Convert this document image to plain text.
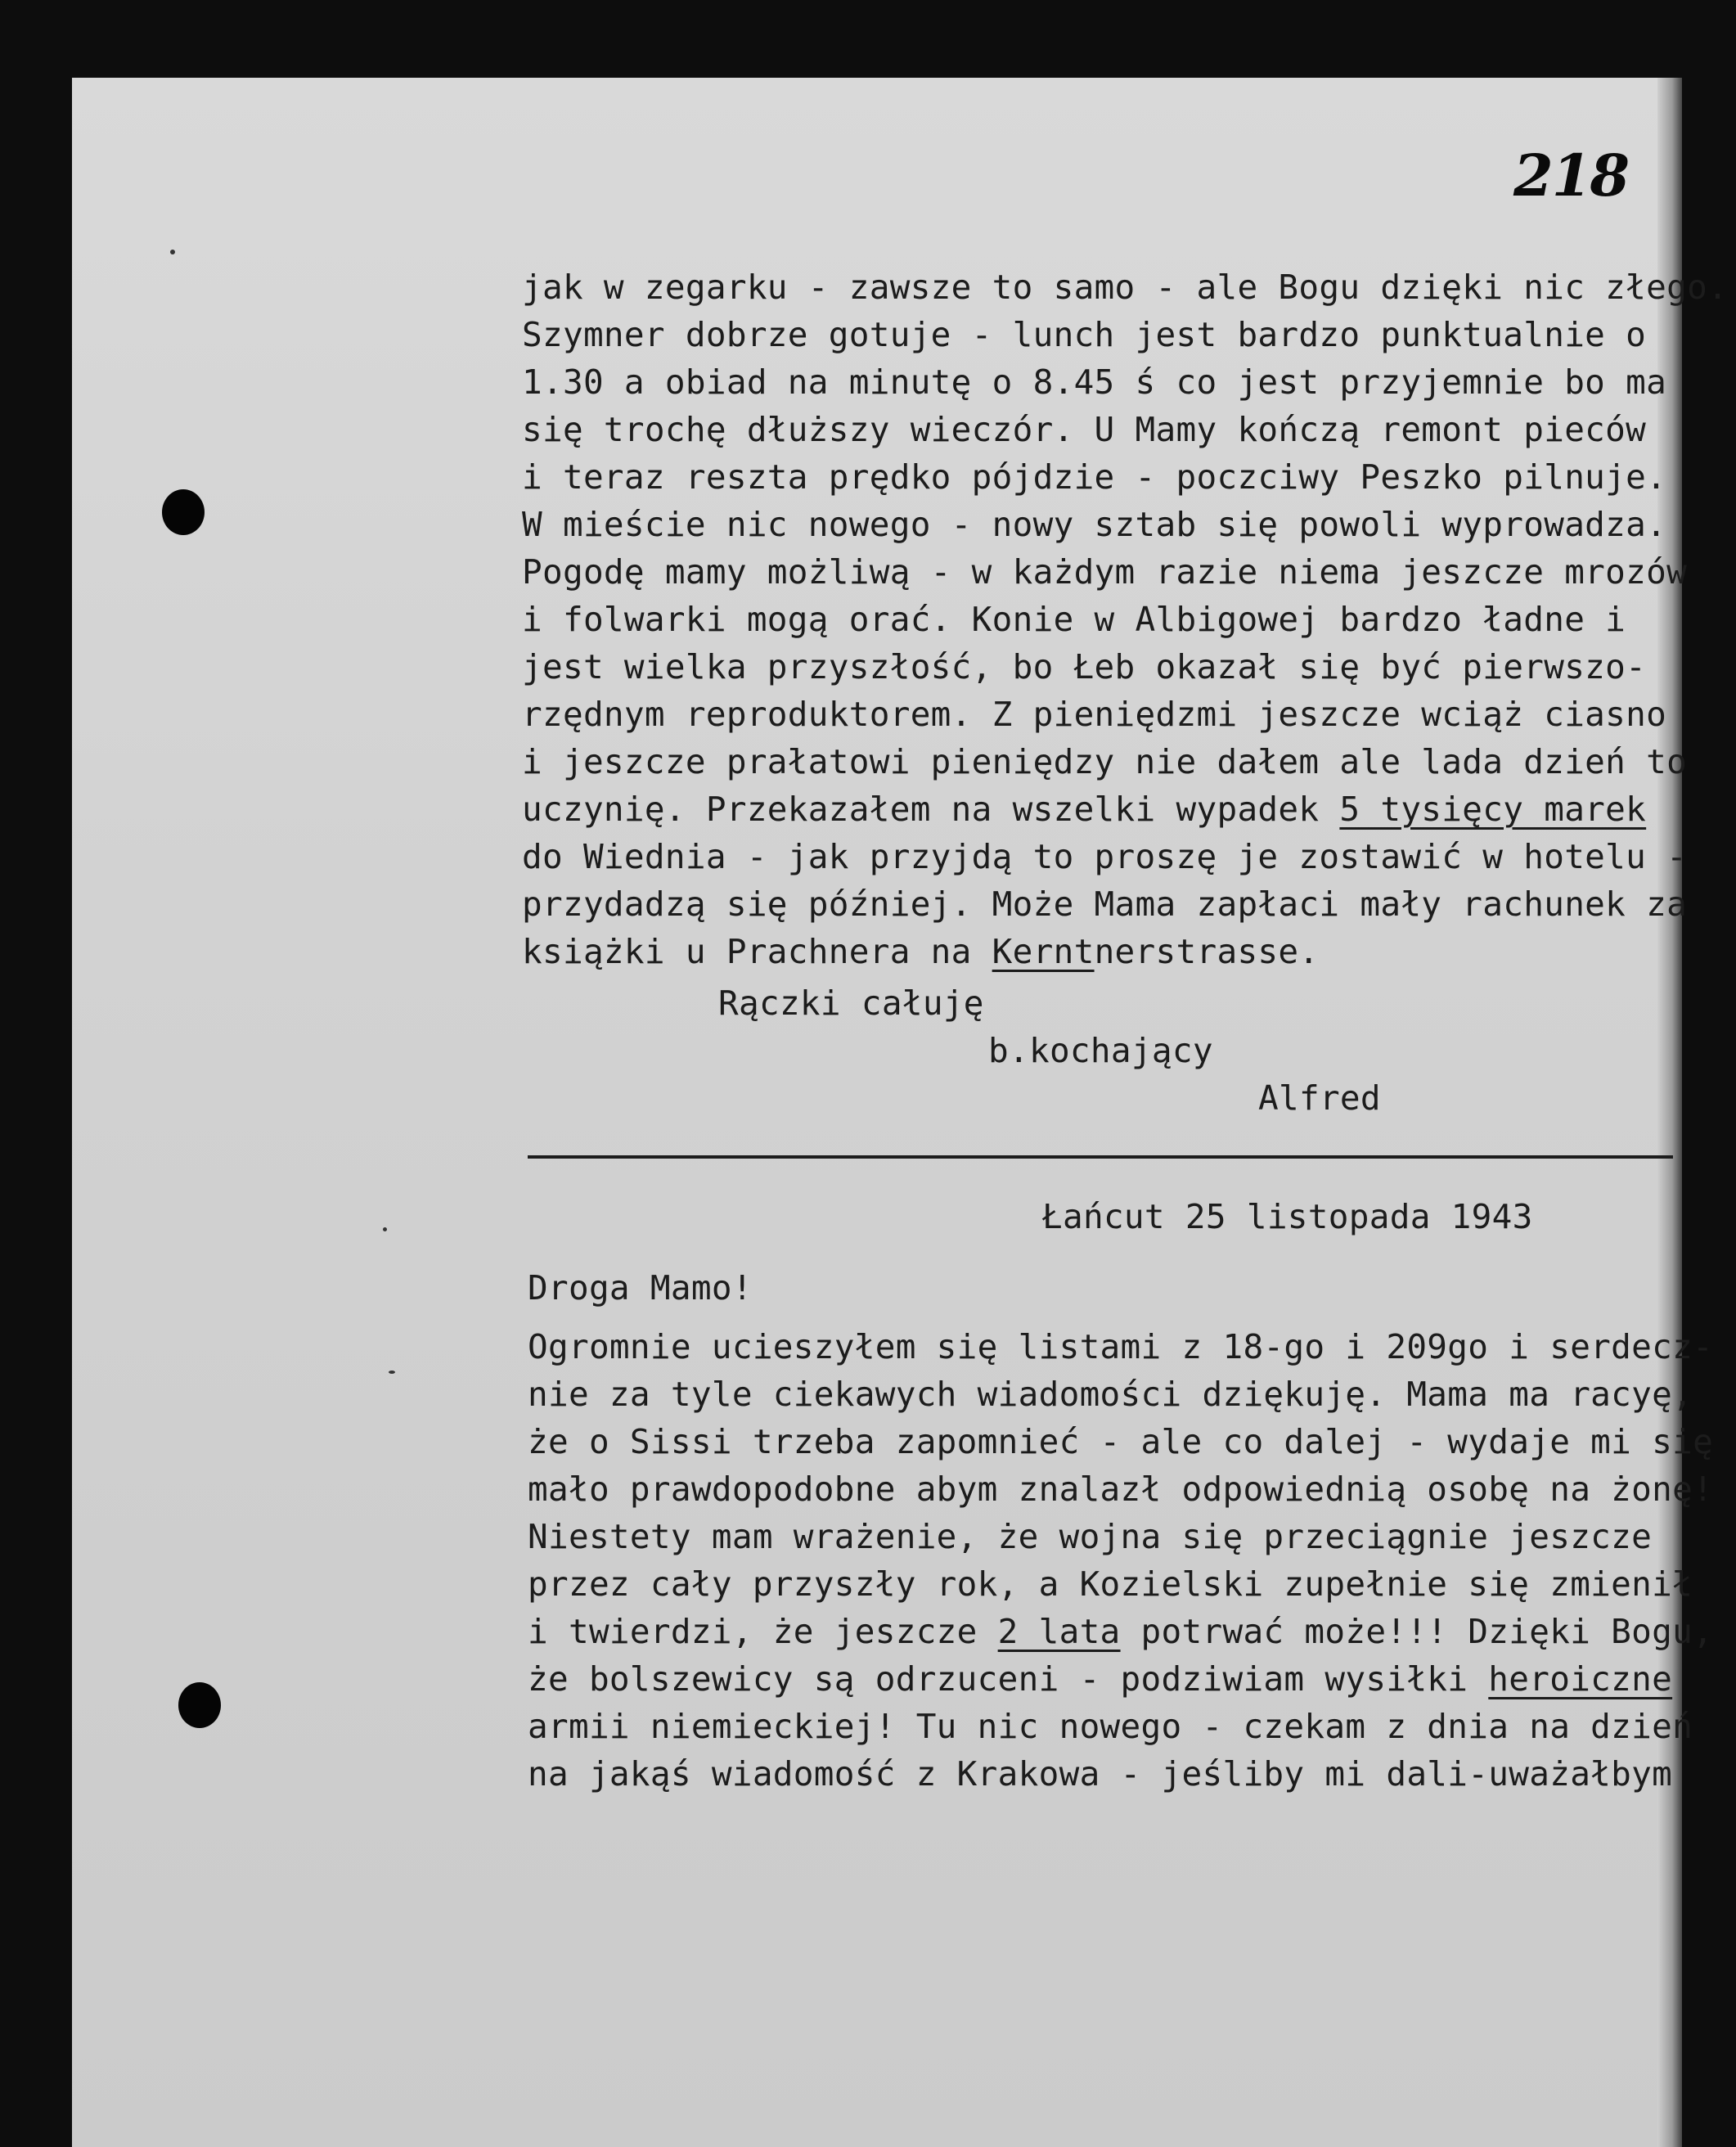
218
jak w zegarku - zawsze to samo - ale Bogu dzięki nic złego.
Szymner dobrze gotuje - lunch jest bardzo punktualnie o
1.30 a obiad na minutę o 8.45 ś co jest przyjemnie bo ma
się trochę dłuższy wieczór. U Mamy kończą remont pieców
i teraz reszta prędko pójdzie - poczciwy Peszko pilnuje.
W mieście nic nowego - nowy sztab się powoli wyprowadza.
Pogodę mamy możliwą - w każdym razie niema jeszcze mrozów
i folwarki mogą orać. Konie w Albigowej bardzo ładne i
jest wielka przyszłość, bo Łeb okazał się być pierwszo-
rzędnym reproduktorem. Z pieniędzmi jeszcze wciąż ciasno
i jeszcze prałatowi pieniędzy nie dałem ale lada dzień to
uczynię. Przekazałem na wszelki wypadek 5 tysięcy marek
do Wiednia - jak przyjdą to proszę je zostawić w hotelu -
przydadzą się później. Może Mama zapłaci mały rachunek za
książki u Prachnera na Kerntnerstrasse.
Rączki całuję
b.kochający
Alfred
Łańcut 25 listopada 1943
Droga Mamo!
Ogromnie ucieszyłem się listami z 18-go i 209go i serdecz-
nie za tyle ciekawych wiadomości dziękuję. Mama ma racyę,
że o Sissi trzeba zapomnieć - ale co dalej - wydaje mi się
mało prawdopodobne abym znalazł odpowiednią osobę na żonę!
Niestety mam wrażenie, że wojna się przeciągnie jeszcze
przez cały przyszły rok, a Kozielski zupełnie się zmienił
i twierdzi, że jeszcze 2 lata potrwać może!!! Dzięki Bogu,
że bolszewicy są odrzuceni - podziwiam wysiłki heroiczne
armii niemieckiej! Tu nic nowego - czekam z dnia na dzień
na jakąś wiadomość z Krakowa - jeśliby mi dali-uważałbym
